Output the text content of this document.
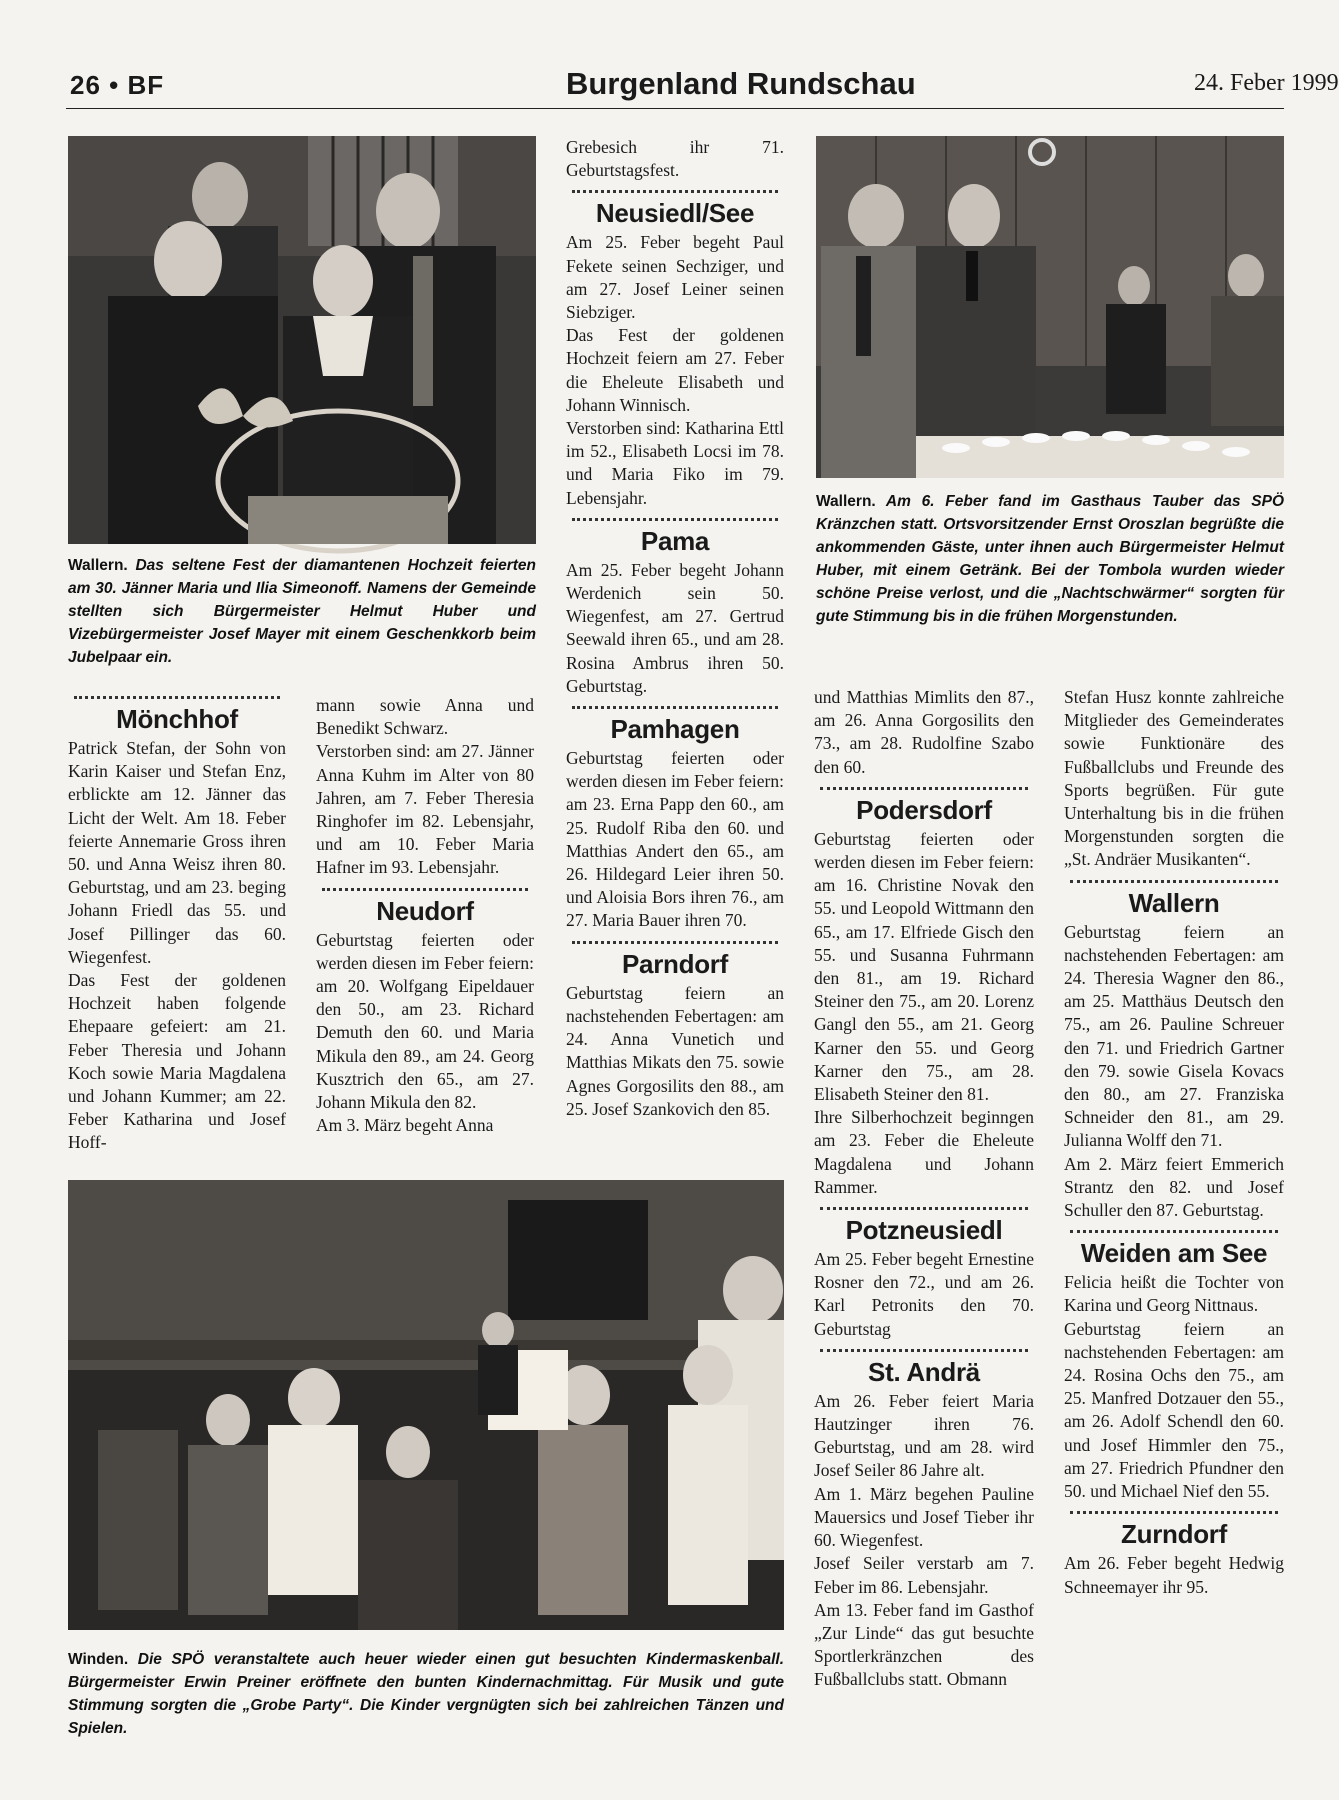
26 • BF	Burgenland Rundschau	24. Feber 1999
Wallern. Das seltene Fest der diamantenen Hochzeit feierten am 30. Jänner Maria und Ilia Simeonoff. Namens der Gemeinde stellten sich Bürgermeister Helmut Huber und Vizebürgermeister Josef Mayer mit einem Geschenkkorb beim Jubelpaar ein.
Wallern. Am 6. Feber fand im Gasthaus Tauber das SPÖ Kränzchen statt. Ortsvorsitzender Ernst Oroszlan begrüßte die ankommenden Gäste, unter ihnen auch Bürgermeister Helmut Huber, mit einem Getränk. Bei der Tombola wurden wieder schöne Preise verlost, und die „Nachtschwärmer“ sorgten für gute Stimmung bis in die frühen Morgenstunden.
Winden. Die SPÖ veranstaltete auch heuer wieder einen gut besuchten Kindermaskenball. Bürgermeister Erwin Preiner eröffnete den bunten Kindernachmittag. Für Musik und gute Stimmung sorgten die „Grobe Party“. Die Kinder vergnügten sich bei zahlreichen Tänzen und Spielen.
Mönchhof

Patrick Stefan, der Sohn von Karin Kaiser und Stefan Enz, erblickte am 12. Jänner das Licht der Welt. Am 18. Feber feierte Annemarie Gross ihren 50. und Anna Weisz ihren 80. Geburtstag, und am 23. beging Johann Friedl das 55. und Josef Pillinger das 60. Wiegenfest.

Das Fest der goldenen Hochzeit haben folgende Ehepaare gefeiert: am 21. Feber Theresia und Johann Koch sowie Maria Magdalena und Johann Kummer; am 22. Feber Katharina und Josef Hoff-

mann sowie Anna und Benedikt Schwarz.

Verstorben sind: am 27. Jänner Anna Kuhm im Alter von 80 Jahren, am 7. Feber Theresia Ringhofer im 82. Lebensjahr, und am 10. Feber Maria Hafner im 93. Lebensjahr.

Neudorf

Geburtstag feierten oder werden diesen im Feber feiern: am 20. Wolfgang Eipeldauer den 50., am 23. Richard Demuth den 60. und Maria Mikula den 89., am 24. Georg Kusztrich den 65., am 27. Johann Mikula den 82.

Am 3. März begeht Anna

Grebesich ihr 71. Geburtstagsfest.

Neusiedl/See

Am 25. Feber begeht Paul Fekete seinen Sechziger, und am 27. Josef Leiner seinen Siebziger.

Das Fest der goldenen Hochzeit feiern am 27. Feber die Eheleute Elisabeth und Johann Winnisch.

Verstorben sind: Katharina Ettl im 52., Elisabeth Locsi im 78. und Maria Fiko im 79. Lebensjahr.

Pama

Am 25. Feber begeht Johann Werdenich sein 50. Wiegenfest, am 27. Gertrud Seewald ihren 65., und am 28. Rosina Ambrus ihren 50. Geburtstag.

Pamhagen

Geburtstag feierten oder werden diesen im Feber feiern: am 23. Erna Papp den 60., am 25. Rudolf Riba den 60. und Matthias Andert den 65., am 26. Hildegard Leier ihren 50. und Aloisia Bors ihren 76., am 27. Maria Bauer ihren 70.

Parndorf

Geburtstag feiern an nachstehenden Febertagen: am 24. Anna Vunetich und Matthias Mikats den 75. sowie Agnes Gorgosilits den 88., am 25. Josef Szankovich den 85.

und Matthias Mimlits den 87., am 26. Anna Gorgosilits den 73., am 28. Rudolfine Szabo den 60.

Podersdorf

Geburtstag feierten oder werden diesen im Feber feiern: am 16. Christine Novak den 55. und Leopold Wittmann den 65., am 17. Elfriede Gisch den 55. und Susanna Fuhrmann den 81., am 19. Richard Steiner den 75., am 20. Lorenz Gangl den 55., am 21. Georg Karner den 55. und Georg Karner den 75., am 28. Elisabeth Steiner den 81.

Ihre Silberhochzeit beginngen am 23. Feber die Eheleute Magdalena und Johann Rammer.

Potzneusiedl

Am 25. Feber begeht Ernestine Rosner den 72., und am 26. Karl Petronits den 70. Geburtstag

St. Andrä

Am 26. Feber feiert Maria Hautzinger ihren 76. Geburtstag, und am 28. wird Josef Seiler 86 Jahre alt.

Am 1. März begehen Pauline Mauersics und Josef Tieber ihr 60. Wiegenfest.

Josef Seiler verstarb am 7. Feber im 86. Lebensjahr.

Am 13. Feber fand im Gasthof „Zur Linde“ das gut besuchte Sportlerkränzchen des Fußballclubs statt. Obmann

Stefan Husz konnte zahlreiche Mitglieder des Gemeinderates sowie Funktionäre des Fußballclubs und Freunde des Sports begrüßen. Für gute Unterhaltung bis in die frühen Morgenstunden sorgten die „St. Andräer Musikanten“.

Wallern

Geburtstag feiern an nachstehenden Febertagen: am 24. Theresia Wagner den 86., am 25. Matthäus Deutsch den 75., am 26. Pauline Schreuer den 71. und Friedrich Gartner den 79. sowie Gisela Kovacs den 80., am 27. Franziska Schneider den 81., am 29. Julianna Wolff den 71.

Am 2. März feiert Emmerich Strantz den 82. und Josef Schuller den 87. Geburtstag.

Weiden am See

Felicia heißt die Tochter von Karina und Georg Nittnaus.

Geburtstag feiern an nachstehenden Febertagen: am 24. Rosina Ochs den 75., am 25. Manfred Dotzauer den 55., am 26. Adolf Schendl den 60. und Josef Himmler den 75., am 27. Friedrich Pfundner den 50. und Michael Nief den 55.

Zurndorf

Am 26. Feber begeht Hedwig Schneemayer ihr 95.
